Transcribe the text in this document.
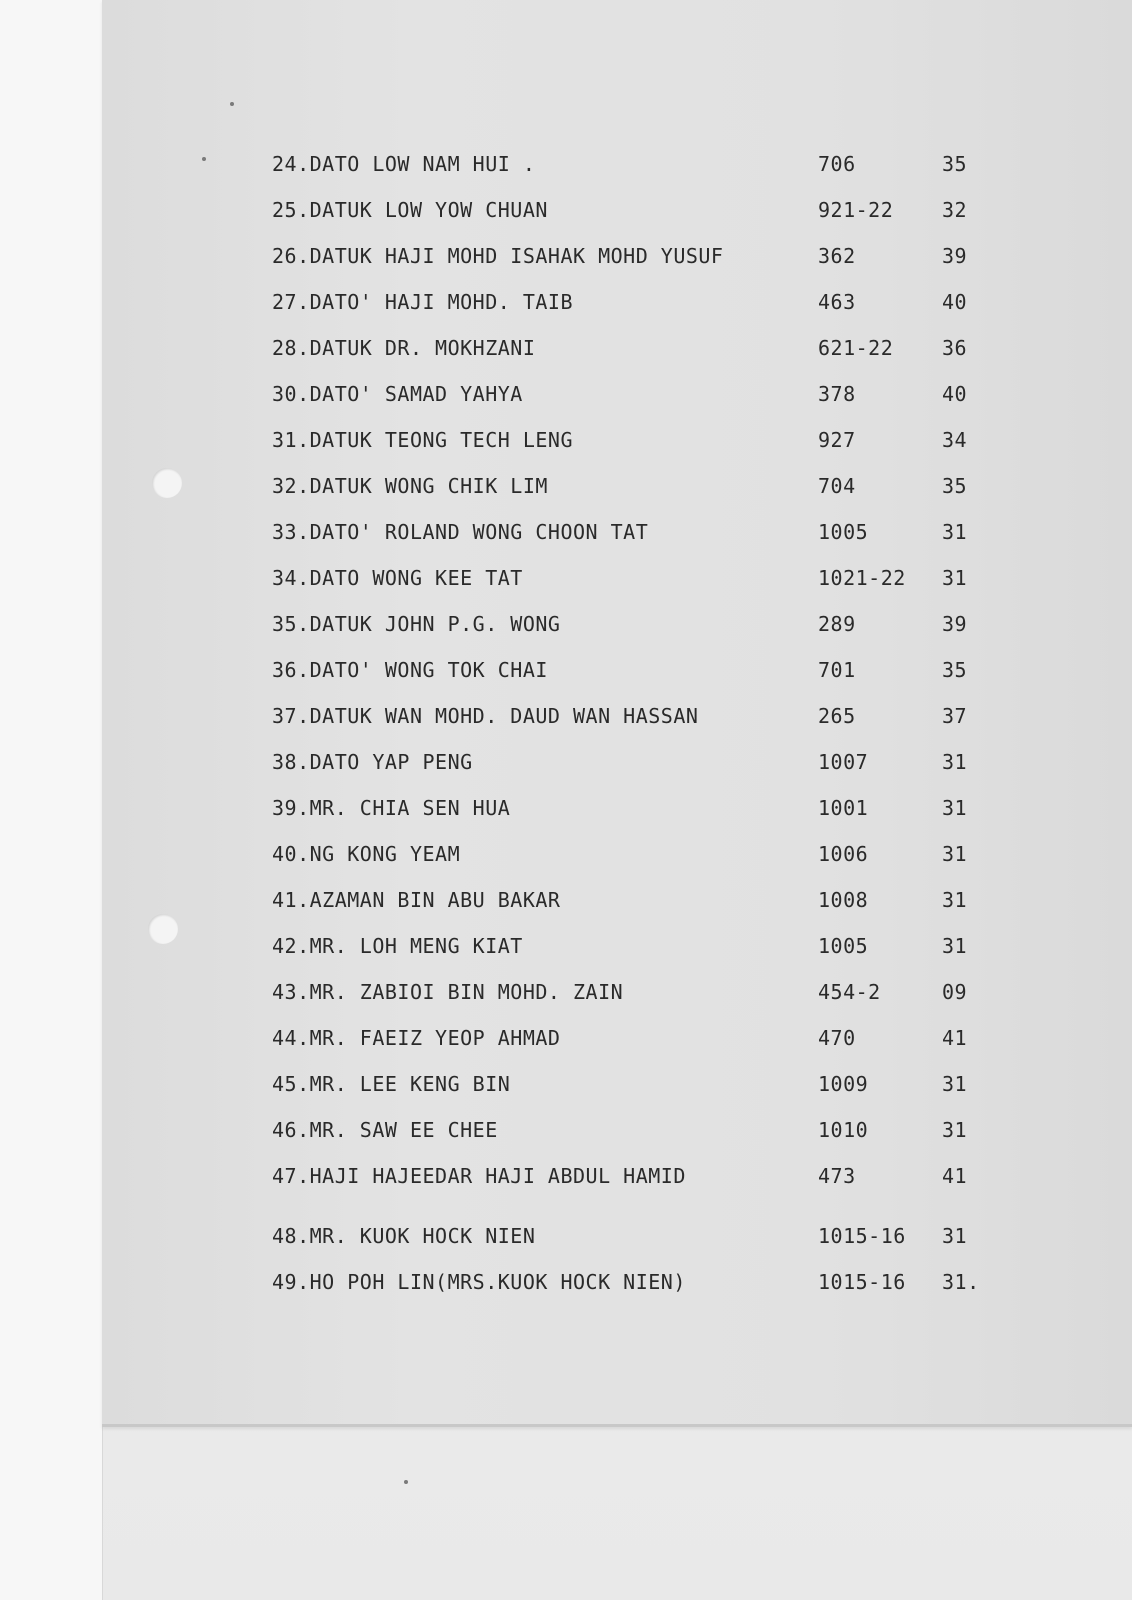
24.DATO LOW NAM HUI .	706	35
25.DATUK LOW YOW CHUAN	921-22 32
26.DATUK HAJI MOHD ISAHAK MOHD YUSUF	362	39
27.DATO' HAJI MOHD. TAIB	463	40
28.DATUK DR. MOKHZANI	621-22 36
30.DATO' SAMAD YAHYA	378	40
31.DATUK TEONG TECH LENG	927	34
32.DATUK WONG CHIK LIM	704	35
33.DATO' ROLAND WONG CHOON TAT	1005	31
34.DATO WONG KEE TAT	1021-22 31
35.DATUK JOHN P.G. WONG	289	39
36.DATO' WONG TOK CHAI	701	35
37.DATUK WAN MOHD. DAUD WAN HASSAN	265	37
38.DATO YAP PENG	1007	31
39.MR. CHIA SEN HUA	1001	31
40.NG KONG YEAM	1006	31
41.AZAMAN BIN ABU BAKAR	1008	31
42.MR. LOH MENG KIAT	1005	31
43.MR. ZABIOI BIN MOHD. ZAIN	454-2	09
44.MR. FAEIZ YEOP AHMAD	470	41
45.MR. LEE KENG BIN	1009	31
46.MR. SAW EE CHEE	1010	31
47.HAJI HAJEEDAR HAJI ABDUL HAMID	473	41
48.MR. KUOK HOCK NIEN	1015-16 31
49.HO POH LIN(MRS.KUOK HOCK NIEN)	1015-16 31.
